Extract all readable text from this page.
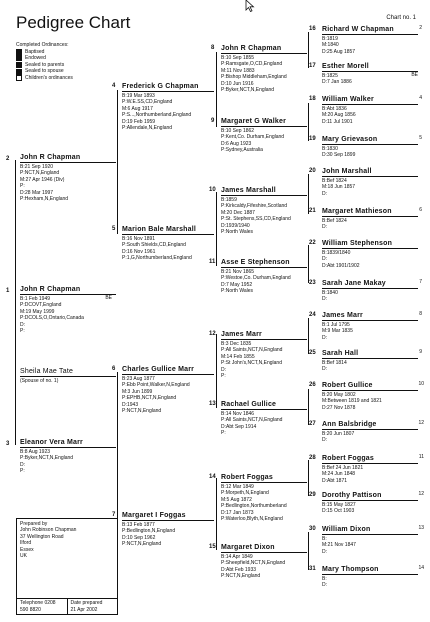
Pedigree Chart	Chart no. 1
Completed Ordinances:
Baptised
Endowed
Sealed to parents
Sealed to spouse
Children's ordinances
John R Chapman
BE
B:1 Feb 1949
P:DCOVT,England
M:19 May 1999
P:DCOLS,O,Ontario,Canada
D:
P:
1
Sheila Mae Tate
(Spouse of no. 1)
Eleanor Vera Marr
B:8 Aug 1923
P:Byker,NCT,N,England
D:
P:
3
John R Chapman
B:21 Sep 1920
P:NCT,N,England
M:27 Apr 1946 (Div)
P:
D:28 Mar 1997
P:Hexham,N,England
2
6 Charles Gullice Marr
B:23 Aug 1877
P:Ebb Point,Walker,N,England
M:3 Jun 1899
P:EPHB,NCT,N,England
D:1943
P:NCT,N,England
7 Margaret I Foggas
B:13 Feb 1877
P:Bedlington,N,England
D:10 Sep 1962
P:NCT,N,England
4 Frederick G Chapman
B:19 Mar 1893
P:W.E.SS,CD,England
M:6 Aug 1917
P:S...,Northumberland,England
D:19 Feb 1959
P:Allendale,N,England
5 Marion Bale Marshall
B:16 Nov 1891
P:South Shields,CD,England
D:16 Nov 1961
P:1,G,Northumberland,England
8 John R Chapman
B:10 Sep 1855
P:Ramsgate,O,CD,England
M:11 Nov 1883
P:Bishop Middleham,England
D:10 Jun 1916
P:Byker,NCT,N,England
9 Margaret G Walker
B:10 Sep 1862
P:Kent,Co. Durham,England
D:6 Aug 1923
P:Sydney,Australia
10 James Marshall
B:1859
P:Kirkcaldy,Fifeshire,Scotland
M:20 Dec 1887
P:St. Stephens,SS,CD,England
D:1939/1940
P:North Wales
11 Asse E Stephenson
B:21 Nov 1865
P:Westoe,Co. Durham,England
D:7 May 1952
P:North Wales
12 James Marr
B:3 Dec 1835
P:All Saints,NCT,N,England
M:14 Feb 1855
P:St John's,NCT,N,England
D:
P:
13 Rachael Gullice
B:14 Nov 1846
P:All Saints,NCT,N,England
D:Abt Sep 1914
P:
14 Robert Foggas
B:12 Mar 1849
P:Morpeth,N,England
M:5 Aug 1872
P:Bedlington,Northumberland
D:17 Jan 1873
P:Waterloo,Blyth,N,England
15 Margaret Dixon
B:14 Apr 1849
P:Sheepfield,NCT,N,England
D:Abt Feb 1933
P:NCT,N,England
16 Richard W Chapman	2
B:1819
M:1840
D:25 Aug 1857
17 Esther Morell
BE
B:1825
D:7 Jan 1886
18 William Walker	4
B:Abt 1836
M:20 Aug 1856
D:11 Jul 1901
19 Mary Grievason	5
B:1830
D:30 Sep 1899
20 John Marshall
B:Bef 1824
M:18 Jun 1857
D:
21 Margaret Mathieson	6
B:Bef 1824
D:
22 William Stephenson
B:1839/1840
D:
D:Abt 1901/1902
23 Sarah Jane Makay	7
B:1840
D:
24 James Marr	8
B:1 Jul 1795
M:9 Mar 1835
D:
25 Sarah Hall	9
B:Bef 1814
D:
26 Robert Gullice	10
B:20 May 1802
M:Between 1819 and 1821
D:27 Nov 1878
27 Ann Balsbridge	12
B:20 Jun 1807
D:
28 Robert Foggas	11
B:Bef 24 Jun 1821
M:24 Jun 1848
D:Abt 1871
29 Dorothy Pattison	12
B:15 May 1827
D:15 Oct 1903
30 William Dixon	13
B:
M:21 Nov 1847
D:
31 Mary Thompson	14
B:
D:
Prepared by
John Robinson Chapman
37 Wellington Road
Ilford
Essex
UK
Telephone 0208 590 8820
Date prepared
21 Apr 2002
